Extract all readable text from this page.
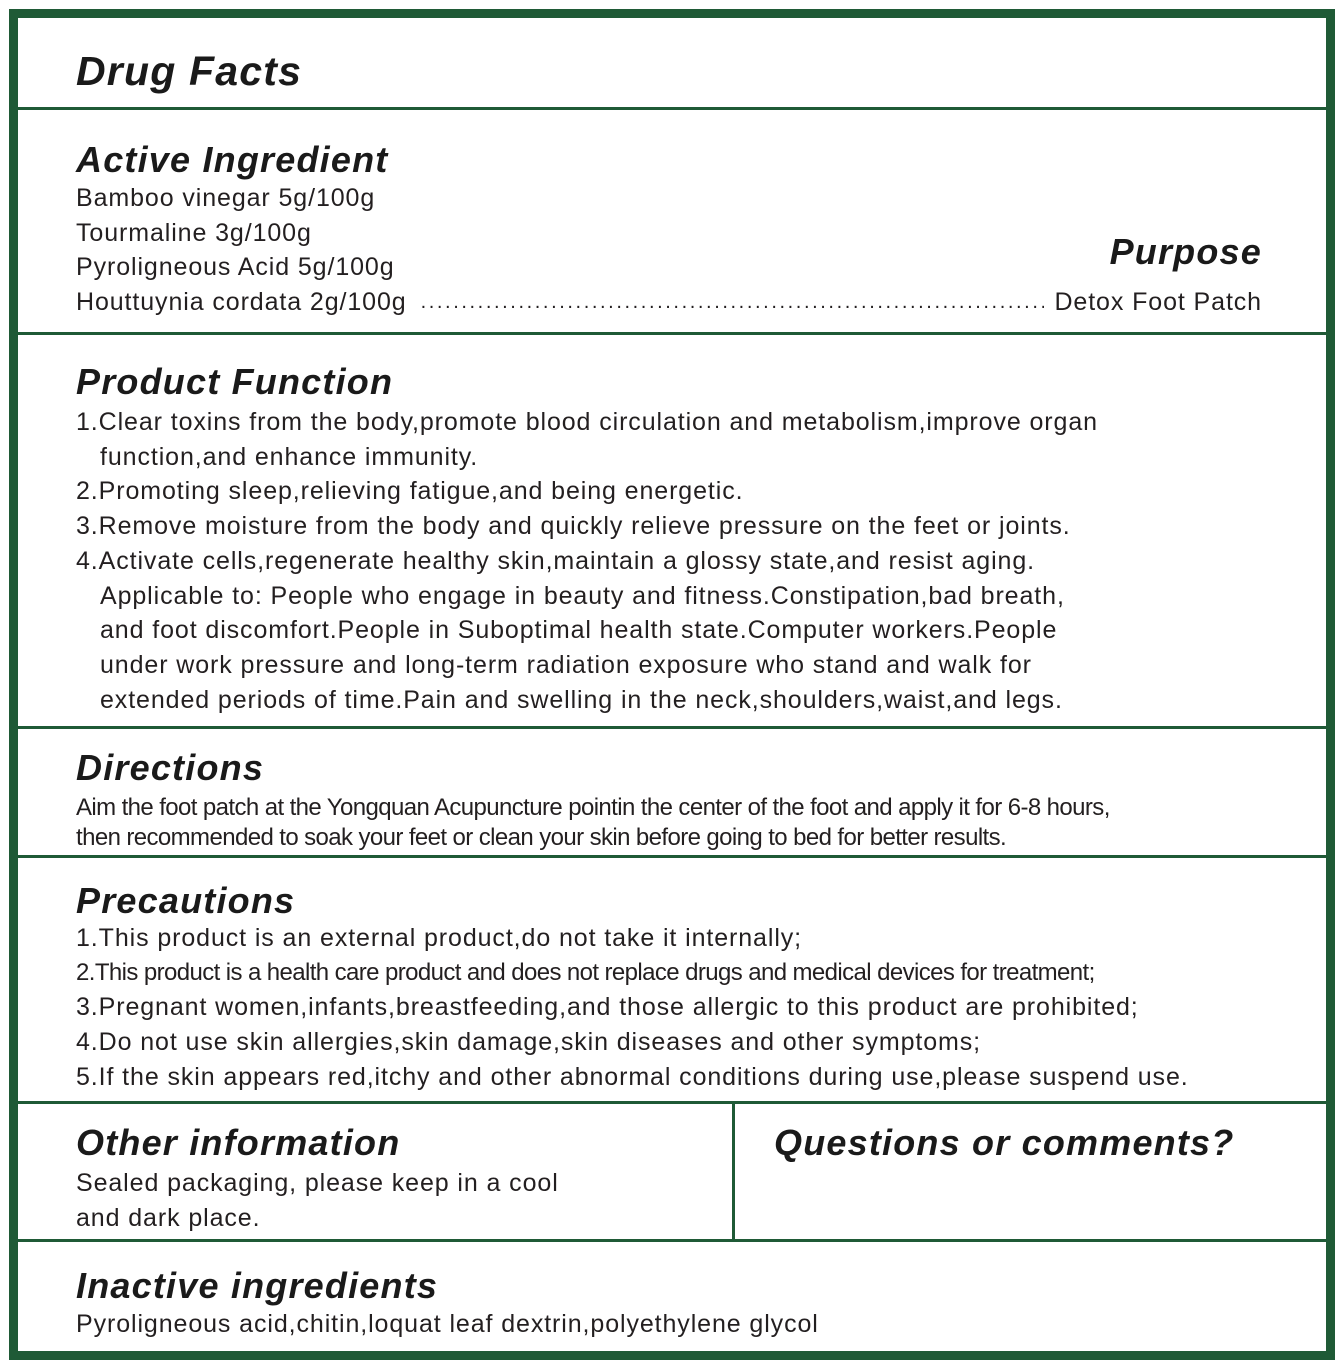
Drug Facts
Active Ingredient
Bamboo vinegar 5g/100g
Tourmaline 3g/100g
Pyroligneous Acid 5g/100g	Purpose
Houttuynia cordata 2g/100g
.....	Detox Foot Patch
Product Function
1.Clear toxins from the body,promote blood circulation and metabolism,improve organ
function,and enhance immunity.
2.Promoting sleep,relieving fatigue,and being energetic.
3.Remove moisture from the body and quickly relieve pressure on the feet or joints.
4.Activate cells,regenerate healthy skin,maintain a glossy state,and resist aging.
Applicable to: People who engage in beauty and fitness.Constipation,bad breath,
and foot discomfort.People in Suboptimal health state.Computer workers.People
under work pressure and long-term radiation exposure who stand and walk for
extended periods of time.Pain and swelling in the neck,shoulders,waist,and legs.
Directions
Aim the foot patch at the Yongquan Acupuncture pointin the center of the foot and apply it for 6-8 hours,
then recommended to soak your feet or clean your skin before going to bed for better results.
Precautions
1.This product is an external product,do not take it internally;
2.This product is a health care product and does not replace drugs and medical devices for treatment;
3.Pregnant women,infants,breastfeeding,and those allergic to this product are prohibited;
4.Do not use skin allergies,skin damage,skin diseases and other symptoms;
5.If the skin appears red,itchy and other abnormal conditions during use,please suspend use.
Other information
Sealed packaging, please keep in a cool
and dark place.
Questions or comments?
Inactive ingredients
Pyroligneous acid,chitin,loquat leaf dextrin,polyethylene glycol
